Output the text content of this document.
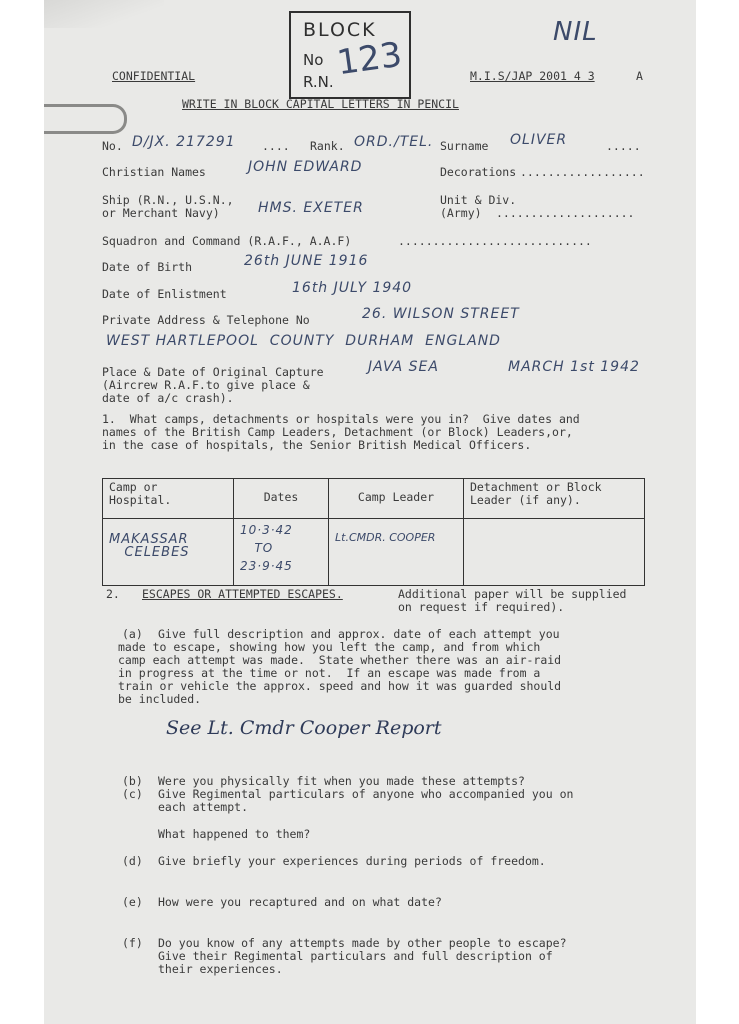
BLOCK
No
R.N. 123
NIL
CONFIDENTIAL	M.I.S/JAP 2001 4 3	A
WRITE IN BLOCK CAPITAL LETTERS IN PENCIL
No. D/JX. 217291 .... Rank. ORD./TEL. Surname OLIVER	.....
Christian Names	JOHN EDWARD	Decorations ..................
Ship (R.N., U.S.N.,
or Merchant Navy)	HMS. EXETER	Unit & Div.
(Army) ....................
Squadron and Command (R.A.F., A.A.F)	............................
Date of Birth	26th JUNE 1916
Date of Enlistment	16th JULY 1940
Private Address & Telephone No	26. WILSON STREET
WEST HARTLEPOOL  COUNTY  DURHAM  ENGLAND
Place & Date of Original Capture
(Aircrew R.A.F.to give place &
date of a/c crash).
JAVA SEA	MARCH 1st 1942
1.  What camps, detachments or hospitals were you in?  Give dates and
names of the British Camp Leaders, Detachment (or Block) Leaders,or,
in the case of hospitals, the Senior British Medical Officers.
Camp or
Hospital.	Dates	Camp Leader	Detachment or Block
Leader (if any).
MAKASSAR
CELEBES	10·3·42
TO
23·9·45	Lt.CMDR. COOPER	
2. ESCAPES OR ATTEMPTED ESCAPES.	Additional paper will be supplied
on request if required).
(a) Give full description and approx. date of each attempt you
made to escape, showing how you left the camp, and from which
camp each attempt was made.  State whether there was an air-raid
in progress at the time or not.  If an escape was made from a
train or vehicle the approx. speed and how it was guarded should
be included.
See Lt. Cmdr Cooper Report
(b) Were you physically fit when you made these attempts?
(c) Give Regimental particulars of anyone who accompanied you on
each attempt.
What happened to them?
(d) Give briefly your experiences during periods of freedom.
(e) How were you recaptured and on what date?
(f) Do you know of any attempts made by other people to escape?
Give their Regimental particulars and full description of
their experiences.
